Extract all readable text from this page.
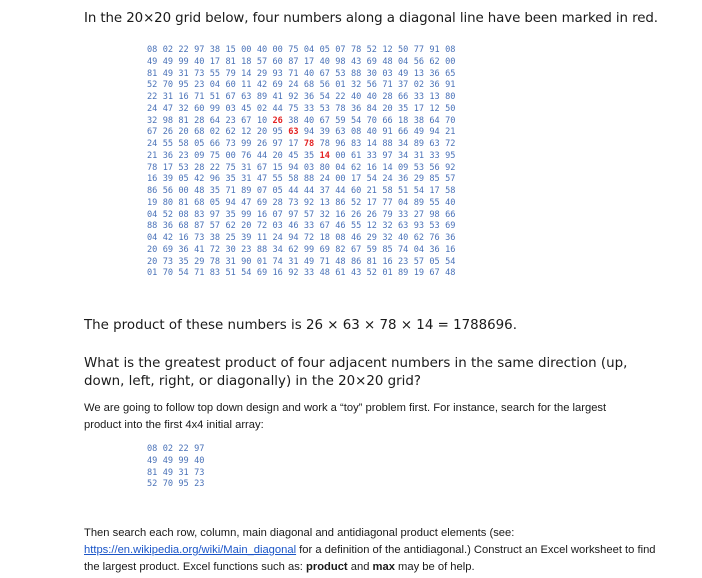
In the 20×20 grid below, four numbers along a diagonal line have been marked in red.
08 02 22 97 38 15 00 40 00 75 04 05 07 78 52 12 50 77 91 08
49 49 99 40 17 81 18 57 60 87 17 40 98 43 69 48 04 56 62 00
81 49 31 73 55 79 14 29 93 71 40 67 53 88 30 03 49 13 36 65
52 70 95 23 04 60 11 42 69 24 68 56 01 32 56 71 37 02 36 91
22 31 16 71 51 67 63 89 41 92 36 54 22 40 40 28 66 33 13 80
24 47 32 60 99 03 45 02 44 75 33 53 78 36 84 20 35 17 12 50
32 98 81 28 64 23 67 10 26 38 40 67 59 54 70 66 18 38 64 70
67 26 20 68 02 62 12 20 95 63 94 39 63 08 40 91 66 49 94 21
24 55 58 05 66 73 99 26 97 17 78 78 96 83 14 88 34 89 63 72
21 36 23 09 75 00 76 44 20 45 35 14 00 61 33 97 34 31 33 95
78 17 53 28 22 75 31 67 15 94 03 80 04 62 16 14 09 53 56 92
16 39 05 42 96 35 31 47 55 58 88 24 00 17 54 24 36 29 85 57
86 56 00 48 35 71 89 07 05 44 44 37 44 60 21 58 51 54 17 58
19 80 81 68 05 94 47 69 28 73 92 13 86 52 17 77 04 89 55 40
04 52 08 83 97 35 99 16 07 97 57 32 16 26 26 79 33 27 98 66
88 36 68 87 57 62 20 72 03 46 33 67 46 55 12 32 63 93 53 69
04 42 16 73 38 25 39 11 24 94 72 18 08 46 29 32 40 62 76 36
20 69 36 41 72 30 23 88 34 62 99 69 82 67 59 85 74 04 36 16
20 73 35 29 78 31 90 01 74 31 49 71 48 86 81 16 23 57 05 54
01 70 54 71 83 51 54 69 16 92 33 48 61 43 52 01 89 19 67 48
The product of these numbers is 26 × 63 × 78 × 14 = 1788696.
What is the greatest product of four adjacent numbers in the same direction (up, down, left, right, or diagonally) in the 20×20 grid?
We are going to follow top down design and work a “toy” problem first. For instance, search for the largest product into the first 4x4 initial array:
08 02 22 97
49 49 99 40
81 49 31 73
52 70 95 23
Then search each row, column, main diagonal and antidiagonal product elements (see: https://en.wikipedia.org/wiki/Main_diagonal for a definition of the antidiagonal.) Construct an Excel worksheet to find the largest product. Excel functions such as: product and max may be of help.
